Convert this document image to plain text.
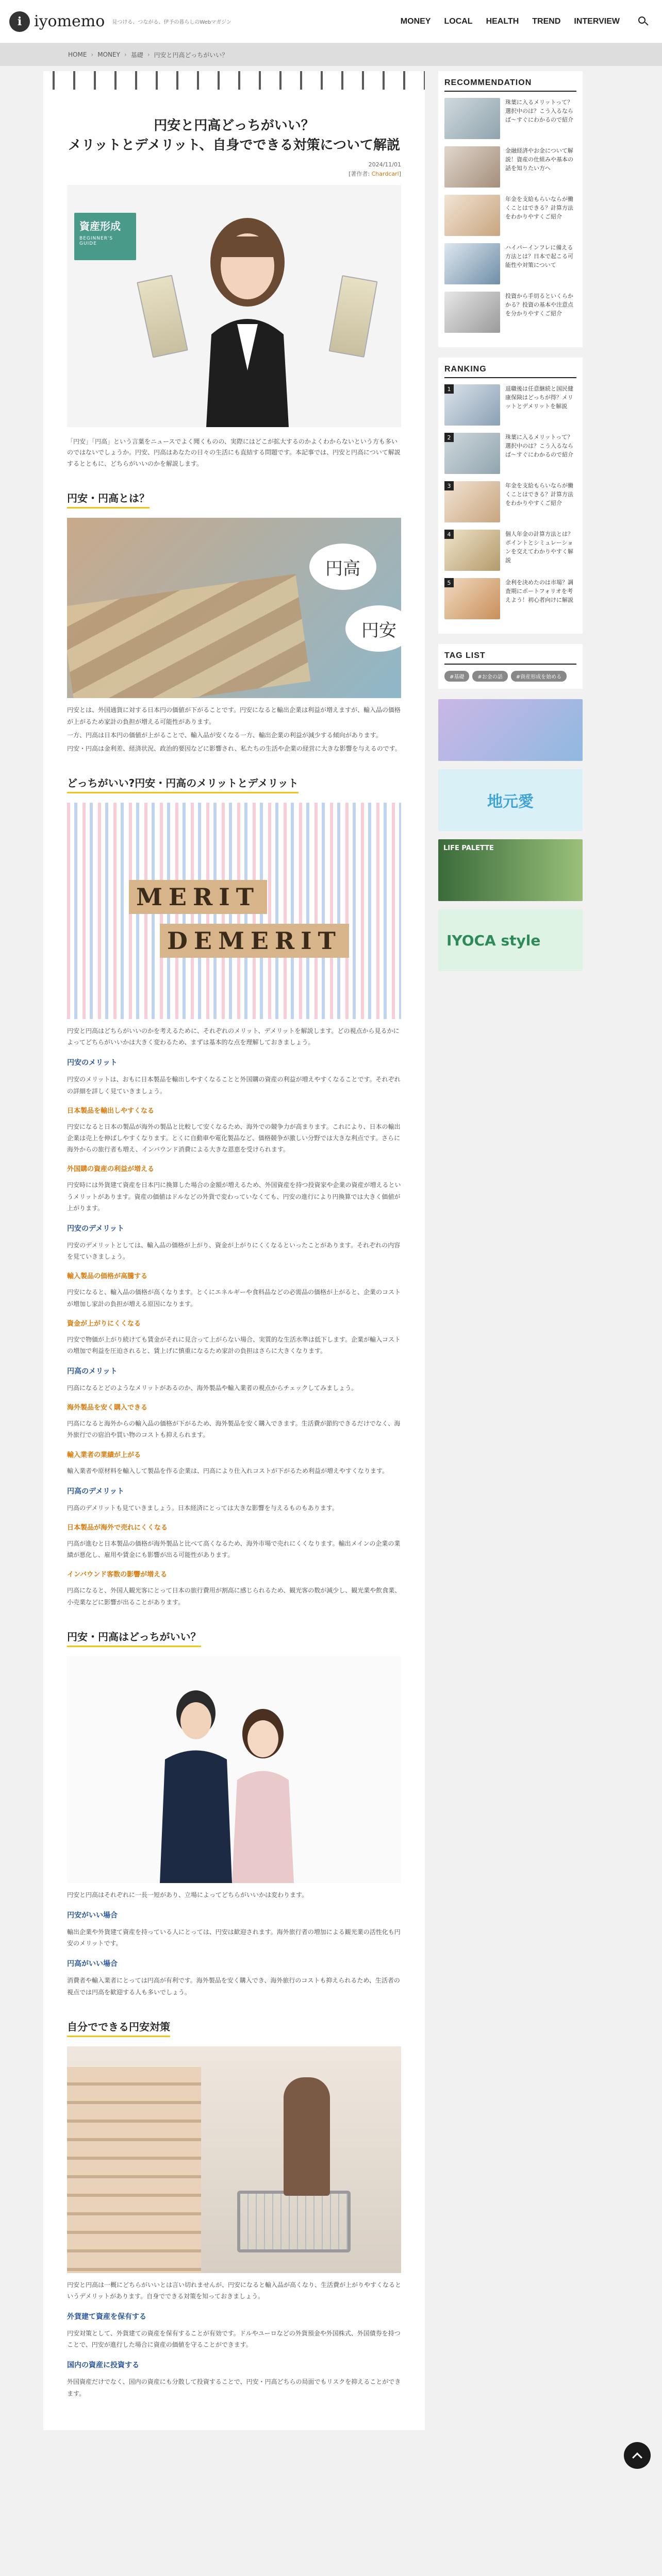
i iyomemo 見つける、つながる、伊予の暮らしのWebマガジン	MONEY LOCAL HEALTH TREND INTERVIEW
HOME › MONEY › 基礎 › 円安と円高どっちがいい？
円安と円高どっちがいい？
メリットとデメリット、自身でできる対策について解説
2024/11/01
[著作者: Chardcarl]
資産形成
BEGINNER'S GUIDE

「円安」「円高」という言葉をニュースでよく聞くものの、実際にはどこが拡大するのかよくわからないという方も多いのではないでしょうか。円安、円高はあなたの日々の生活にも直結する問題です。本記事では、円安と円高について解説するとともに、どちらがいいのかを解説します。

円安・円高とは？
円高
円安

円安とは、外国通貨に対する日本円の価値が下がることです。円安になると輸出企業は利益が増えますが、輸入品の価格が上がるため家計の負担が増える可能性があります。

一方、円高は日本円の価値が上がることで、輸入品が安くなる一方、輸出企業の利益が減少する傾向があります。

円安・円高は金利差、経済状況、政治的要因などに影響され、私たちの生活や企業の経営に大きな影響を与えるのです。

どっちがいい?円安・円高のメリットとデメリット
MERIT
DEMERIT

円安と円高はどちらがいいのかを考えるために、それぞれのメリット、デメリットを解説します。どの視点から見るかによってどちらがいいかは大きく変わるため、まずは基本的な点を理解しておきましょう。

円安のメリット

円安のメリットは、おもに日本製品を輸出しやすくなることと外国購の資産の利益が増えやすくなることです。それぞれの詳細を詳しく見ていきましょう。

日本製品を輸出しやすくなる

円安になると日本の製品が海外の製品と比較して安くなるため、海外での競争力が高まります。これにより、日本の輸出企業は売上を伸ばしやすくなります。とくに自動車や電化製品など、価格競争が激しい分野では大きな利点です。さらに海外からの旅行者も増え、インバウンド消費による大きな恩恵を受けられます。

外国購の資産の利益が増える

円安時には外貨建て資産を日本円に換算した場合の金額が増えるため、外国資産を持つ投資家や企業の資産が増えるというメリットがあります。資産の価値はドルなどの外貨で変わっていなくても、円安の進行により円換算では大きく価値が上がります。

円安のデメリット

円安のデメリットとしては、輸入品の価格が上がり、資金が上がりにくくなるといったことがあります。それぞれの内容を見ていきましょう。

輸入製品の価格が高騰する

円安になると、輸入品の価格が高くなります。とくにエネルギーや食料品などの必需品の価格が上がると、企業のコストが増加し家計の負担が増える原因になります。

資金が上がりにくくなる

円安で物価が上がり続けても賃金がそれに見合って上がらない場合、実質的な生活水準は低下します。企業が輸入コストの増加で利益を圧迫されると、賃上げに慎重になるため家計の負担はさらに大きくなります。

円高のメリット

円高になるとどのようなメリットがあるのか、海外製品や輸入業者の視点からチェックしてみましょう。

海外製品を安く購入できる

円高になると海外からの輸入品の価格が下がるため、海外製品を安く購入できます。生活費が節約できるだけでなく、海外旅行での宿泊や買い物のコストも抑えられます。

輸入業者の業績が上がる

輸入業者や原材料を輸入して製品を作る企業は、円高により仕入れコストが下がるため利益が増えやすくなります。

円高のデメリット

円高のデメリットも見ていきましょう。日本経済にとっては大きな影響を与えるものもあります。

日本製品が海外で売れにくくなる

円高が進むと日本製品の価格が海外製品と比べて高くなるため、海外市場で売れにくくなります。輸出メインの企業の業績が悪化し、雇用や賃金にも影響が出る可能性があります。

インバウンド客数の影響が増える

円高になると、外国人観光客にとって日本の旅行費用が割高に感じられるため、観光客の数が減少し、観光業や飲食業、小売業などに影響が出ることがあります。

円安・円高はどっちがいい？

円安と円高はそれぞれに一長一短があり、立場によってどちらがいいかは変わります。

円安がいい場合

輸出企業や外貨建て資産を持っている人にとっては、円安は歓迎されます。海外旅行者の増加による観光業の活性化も円安のメリットです。

円高がいい場合

消費者や輸入業者にとっては円高が有利です。海外製品を安く購入でき、海外旅行のコストも抑えられるため、生活者の視点では円高を歓迎する人も多いでしょう。

自分でできる円安対策

円安と円高は一概にどちらがいいとは言い切れませんが、円安になると輸入品が高くなり、生活費が上がりやすくなるというデメリットがあります。自身でできる対策を知っておきましょう。

外貨建て資産を保有する

円安対策として、外貨建ての資産を保有することが有効です。ドルやユーロなどの外貨預金や外国株式、外国債券を持つことで、円安が進行した場合に資産の価値を守ることができます。

国内の資産に投資する

外国資産だけでなく、国内の資産にも分散して投資することで、円安・円高どちらの局面でもリスクを抑えることができます。

RECOMMENDATION
珠葉に入るメリットって？選択中のは？こう入るならば～すぐにわかるので紹介
金融経済やお金について解説！資産の仕組みや基本の話を知りたい方へ
年金を支給もらいならが働くことはできる？計算方法をわかりやすくご紹介
ハイパーインフレに備える方法とは？日本で起こる可能性や対策について
投資から手切るといくらかかる？投資の基本や注意点を分かりやすくご紹介
RANKING
1	退職後は任意継続と国民健康保険はどっちが得？メリットとデメリットを解説
2	珠葉に入るメリットって？選択中のは？こう入るならば～すぐにわかるので紹介
3	年金を支給もらいならが働くことはできる？計算方法をわかりやすくご紹介
4	個人年金の計算方法とは？ポイントとシミュレーションを交えてわかりやすく解説
5	金利を決めたのは市場？調査期にポートフォリオを考えよう！初心者向けに解説
TAG LIST
#基礎	#お金の話	#資産形成を始める
地元愛
LIFE PALETTE
IYOCA style
